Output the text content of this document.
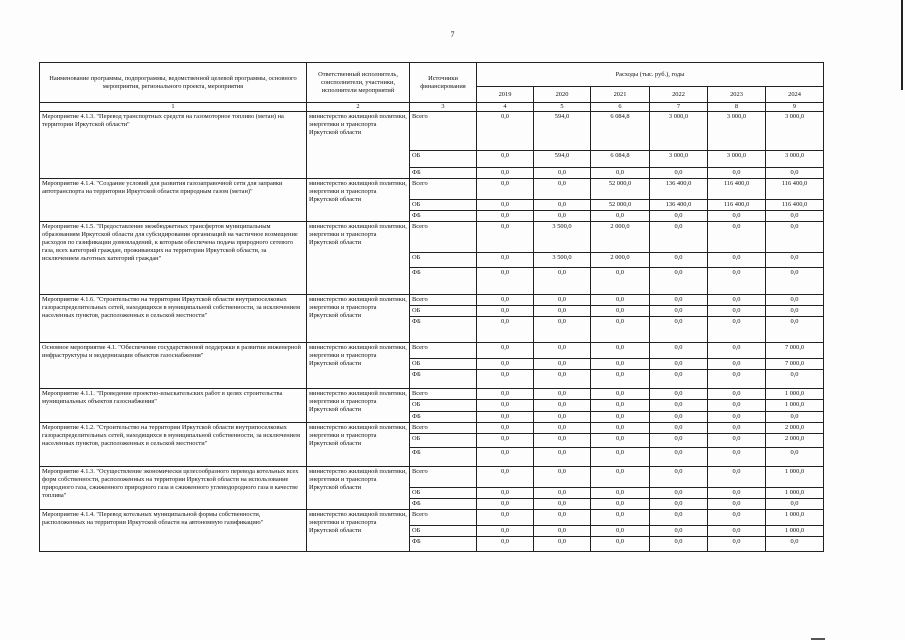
7
Наименование программы, подпрограммы, ведомственной целевой программы, основного мероприятия, регионального проекта, мероприятия	Ответственный исполнитель, соисполнители, участники, исполнители мероприятий	Источники финансирования	Расходы (тыс. руб.), годы					
			2019	2020	2021	2022	2023	2024
1	2	3	4	5	6	7	8	9
Мероприятие 4.1.3. "Перевод транспортных средств на газомоторное топливо (метан) на территории Иркутской области"	министерство жилищной политики, энергетики и транспорта Иркутской области	Всего	0,0	594,0	6 084,8	3 000,0	3 000,0	3 000,0
		ОБ	0,0	594,0	6 084,8	3 000,0	3 000,0	3 000,0
		ФБ	0,0	0,0	0,0	0,0	0,0	0,0
Мероприятие 4.1.4. "Создание условий для развития газозаправочной сети для заправки автотранспорта на территории Иркутской области природным газом (метан)"	министерство жилищной политики, энергетики и транспорта Иркутской области	Всего	0,0	0,0	52 000,0	136 400,0	116 400,0	116 400,0
		ОБ	0,0	0,0	52 000,0	136 400,0	116 400,0	116 400,0
		ФБ	0,0	0,0	0,0	0,0	0,0	0,0
Мероприятие 4.1.5. "Предоставление межбюджетных трансфертов муниципальным образованиям Иркутской области для субсидирования организаций на частичное возмещение расходов по газификации домовладений, к которым обеспечена подача природного сетевого газа, всех категорий граждан, проживающих на территории Иркутской области, за исключением льготных категорий граждан"	министерство жилищной политики, энергетики и транспорта Иркутской области	Всего	0,0	3 500,0	2 000,0	0,0	0,0	0,0
		ОБ	0,0	3 500,0	2 000,0	0,0	0,0	0,0
		ФБ	0,0	0,0	0,0	0,0	0,0	0,0
Мероприятие 4.1.6. "Строительство на территории Иркутской области внутрипоселковых газораспределительных сетей, находящихся в муниципальной собственности, за исключением населенных пунктов, расположенных в сельской местности"	министерство жилищной политики, энергетики и транспорта Иркутской области	Всего	0,0	0,0	0,0	0,0	0,0	0,0
		ОБ	0,0	0,0	0,0	0,0	0,0	0,0
		ФБ	0,0	0,0	0,0	0,0	0,0	0,0
Основное мероприятие 4.1. "Обеспечение государственной поддержки в развитии инженерной инфраструктуры и модернизации объектов газоснабжения"	министерство жилищной политики, энергетики и транспорта Иркутской области	Всего	0,0	0,0	0,0	0,0	0,0	7 000,0
		ОБ	0,0	0,0	0,0	0,0	0,0	7 000,0
		ФБ	0,0	0,0	0,0	0,0	0,0	0,0
Мероприятие 4.1.1. "Проведение проектно-изыскательских работ в целях строительства муниципальных объектов газоснабжения"	министерство жилищной политики, энергетики и транспорта Иркутской области	Всего	0,0	0,0	0,0	0,0	0,0	1 000,0
		ОБ	0,0	0,0	0,0	0,0	0,0	1 000,0
		ФБ	0,0	0,0	0,0	0,0	0,0	0,0
Мероприятие 4.1.2. "Строительство на территории Иркутской области внутрипоселковых газораспределительных сетей, находящихся в муниципальной собственности, за исключением населенных пунктов, расположенных в сельской местности"	министерство жилищной политики, энергетики и транспорта Иркутской области	Всего	0,0	0,0	0,0	0,0	0,0	2 000,0
		ОБ	0,0	0,0	0,0	0,0	0,0	2 000,0
		ФБ	0,0	0,0	0,0	0,0	0,0	0,0
Мероприятие 4.1.3. "Осуществление экономически целесообразного перевода котельных всех форм собственности, расположенных на территории Иркутской области на использование природного газа, сжиженного природного газа и сжиженного углеводородного газа в качестве топлива"	министерство жилищной политики, энергетики и транспорта Иркутской области	Всего	0,0	0,0	0,0	0,0	0,0	1 000,0
		ОБ	0,0	0,0	0,0	0,0	0,0	1 000,0
		ФБ	0,0	0,0	0,0	0,0	0,0	0,0
Мероприятие 4.1.4. "Перевод котельных муниципальной формы собственности, расположенных на территории Иркутской области на автономную газификацию"	министерство жилищной политики, энергетики и транспорта Иркутской области	Всего	0,0	0,0	0,0	0,0	0,0	1 000,0
		ОБ	0,0	0,0	0,0	0,0	0,0	1 000,0
		ФБ	0,0	0,0	0,0	0,0	0,0	0,0
